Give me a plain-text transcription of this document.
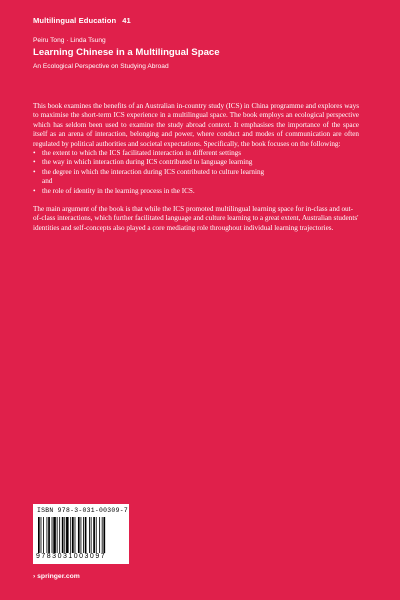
Multilingual Education 41
Peiru Tong · Linda Tsung
Learning Chinese in a Multilingual Space
An Ecological Perspective on Studying Abroad

This book examines the benefits of an Australian in-country study (ICS) in China programme and explores ways to maximise the short-term ICS experience in a multilingual space. The book employs an ecological perspective which has seldom been used to examine the study abroad context. It emphasises the importance of the space itself as an arena of interaction, belonging and power, where conduct and modes of communication are often regulated by political authorities and societal expectations. Specifically, the book focuses on the following:

• the extent to which the ICS facilitated interaction in different settings
• the way in which interaction during ICS contributed to language learning
• the degree in which the interaction during ICS contributed to culture learning

and

• the role of identity in the learning process in the ICS.

The main argument of the book is that while the ICS promoted multilingual learning space for in-class and out-of-class interactions, which further facilitated language and culture learning to a great extent, Australian students' identities and self-concepts also played a core mediating role throughout individual learning trajectories.

ISBN 978-3-031-00309-7
9783031003097
› springer.com
